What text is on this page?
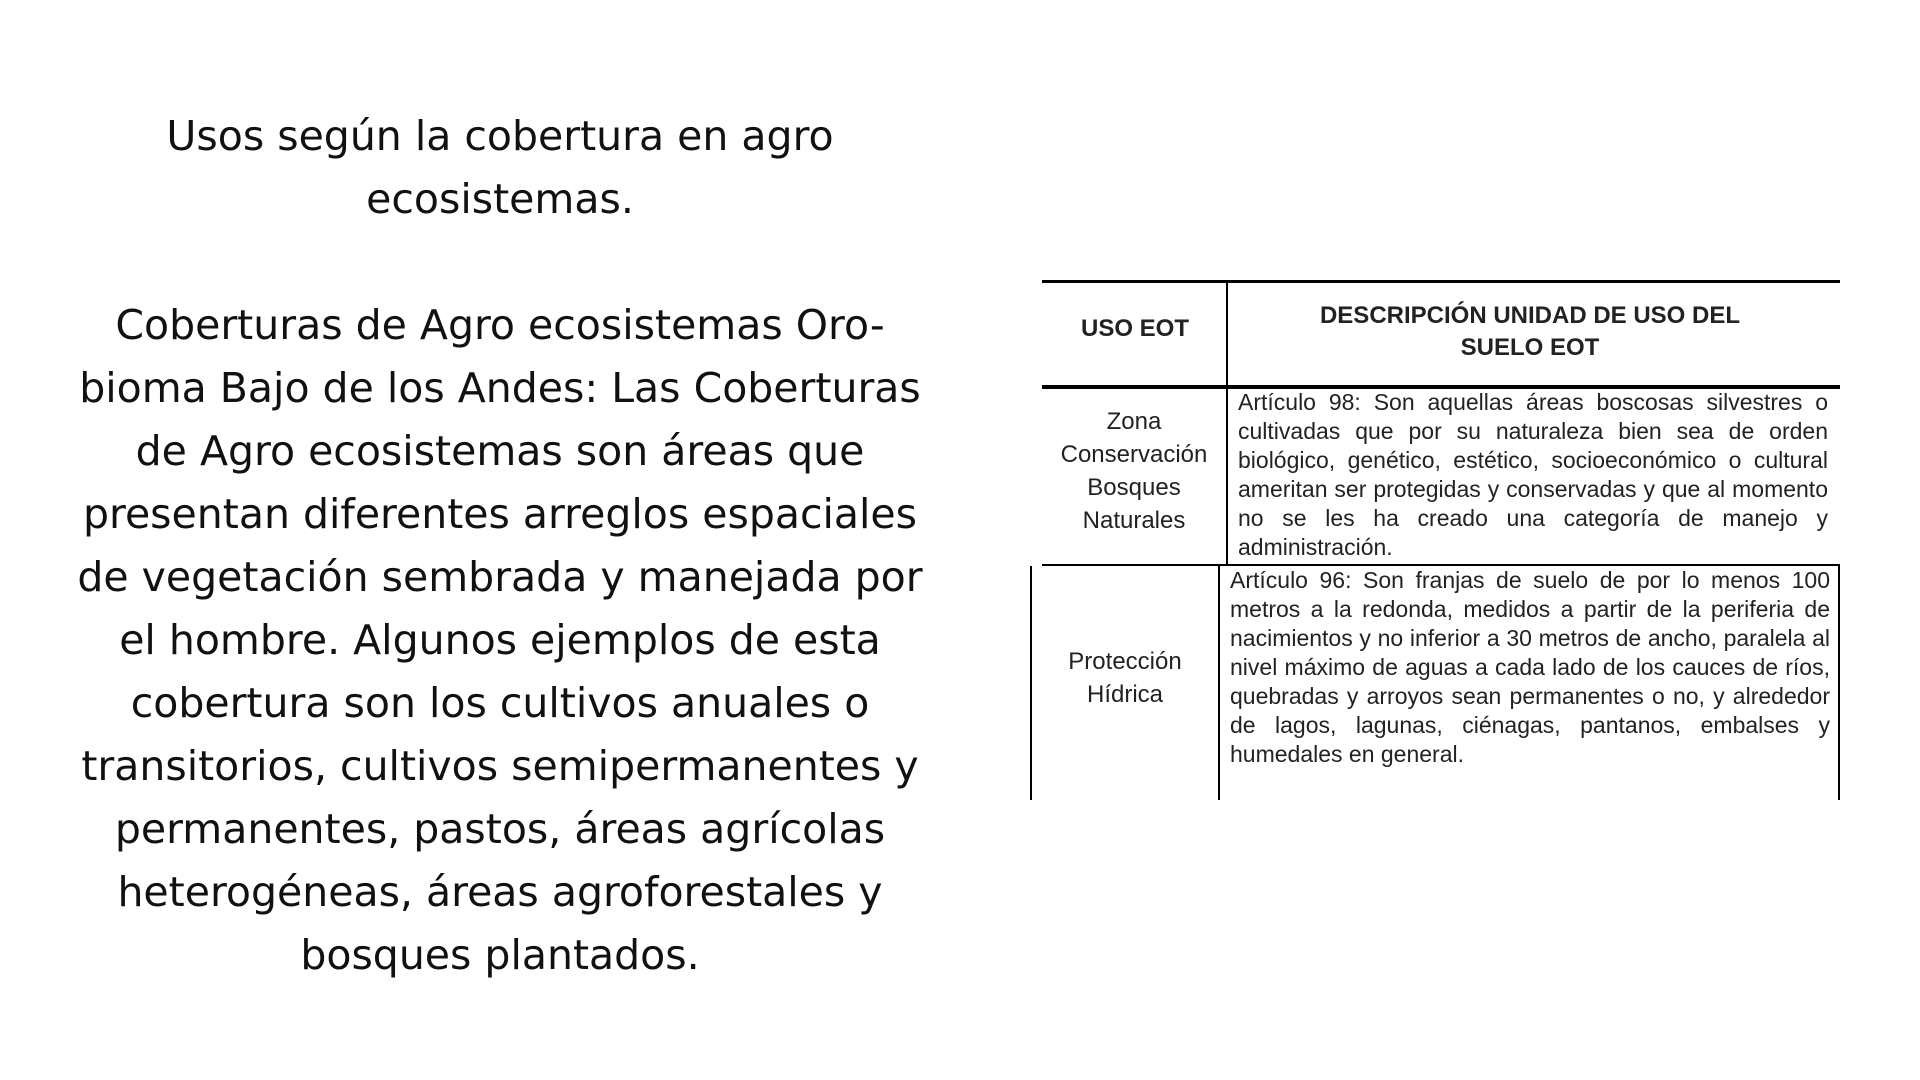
Usos según la cobertura en agro ecosistemas.

Coberturas de Agro ecosistemas Oro-bioma Bajo de los Andes: Las Coberturas de Agro ecosistemas son áreas que presentan diferentes arreglos espaciales de vegetación sembrada y manejada por el hombre. Algunos ejemplos de esta cobertura son los cultivos anuales o transitorios, cultivos semipermanentes y permanentes, pastos, áreas agrícolas heterogéneas, áreas agroforestales y bosques plantados.

USO EOT	DESCRIPCIÓN UNIDAD DE USO DEL SUELO EOT
Zona Conservación Bosques Naturales
Artículo 98: Son aquellas áreas boscosas silvestres o cultivadas que por su naturaleza bien sea de orden biológico, genético, estético, socioeconómico o cultural ameritan ser protegidas y conservadas y que al momento no se les ha creado una categoría de manejo y administración.
Protección Hídrica
Artículo 96: Son franjas de suelo de por lo menos 100 metros a la redonda, medidos a partir de la periferia de nacimientos y no inferior a 30 metros de ancho, paralela al nivel máximo de aguas a cada lado de los cauces de ríos, quebradas y arroyos sean permanentes o no, y alrededor de lagos, lagunas, ciénagas, pantanos, embalses y humedales en general.
